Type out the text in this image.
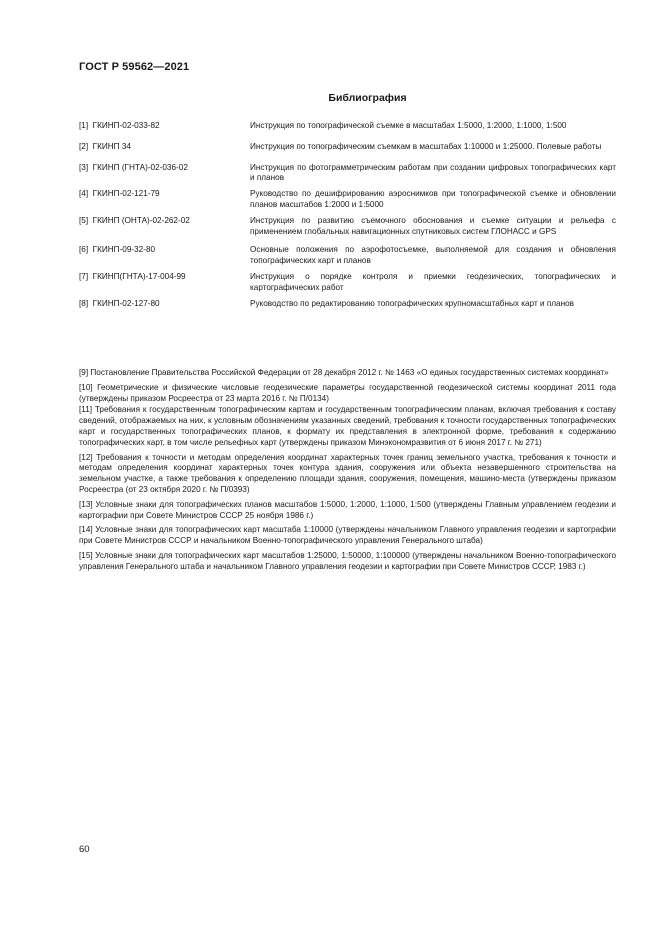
ГОСТ Р 59562—2021
Библиография
[1] ГКИНП-02-033-82	Инструкция по топографической съемке в масштабах 1:5000, 1:2000, 1:1000, 1:500
[2] ГКИНП 34	Инструкция по топографическим съемкам в масштабах 1:10000 и 1:25000. Полевые работы
[3] ГКИНП (ГНТА)-02-036-02	Инструкция по фотограмметрическим работам при создании цифровых топографических карт и планов
[4] ГКИНП-02-121-79	Руководство по дешифрированию аэроснимков при топографической съемке и обновлении планов масштабов 1:2000 и 1:5000
[5] ГКИНП (ОНТА)-02-262-02	Инструкция по развитию съемочного обоснования и съемке ситуации и рельефа с применением глобальных навигационных спутниковых систем ГЛОНАСС и GPS
[6] ГКИНП-09-32-80	Основные положения по аэрофотосъемке, выполняемой для создания и обновления топографических карт и планов
[7] ГКИНП(ГНТА)-17-004-99	Инструкция о порядке контроля и приемки геодезических, топографических и картографических работ
[8] ГКИНП-02-127-80	Руководство по редактированию топографических крупномасштабных карт и планов
[9] Постановление Правительства Российской Федерации от 28 декабря 2012 г. № 1463 «О единых государственных системах координат»
[10] Геометрические и физические числовые геодезические параметры государственной геодезической системы координат 2011 года (утверждены приказом Росреестра от 23 марта 2016 г. № П/0134)
[11] Требования к государственным топографическим картам и государственным топографическим планам, включая требования к составу сведений, отображаемых на них, к условным обозначениям указанных сведений, требования к точности государственных топографических карт и государственных топографических планов, к формату их представления в электронной форме, требования к содержанию топографических карт, в том числе рельефных карт (утверждены приказом Минэкономразвития от 6 июня 2017 г. № 271)
[12] Требования к точности и методам определения координат характерных точек границ земельного участка, требования к точности и методам определения координат характерных точек контура здания, сооружения или объекта незавершенного строительства на земельном участке, а также требования к определению площади здания, сооружения, помещения, машино-места (утверждены приказом Росреестра (от 23 октября 2020 г. № П/0393)
[13] Условные знаки для топографических планов масштабов 1:5000, 1:2000, 1:1000, 1:500 (утверждены Главным управлением геодезии и картографии при Совете Министров СССР 25 ноября 1986 г.)
[14] Условные знаки для топографических карт масштаба 1:10000 (утверждены начальником Главного управления геодезии и картографии при Совете Министров СССР и начальником Военно-топографического управления Генерального штаба)
[15] Условные знаки для топографических карт масштабов 1:25000, 1:50000, 1:100000 (утверждены начальником Военно-топографического управления Генерального штаба и начальником Главного управления геодезии и картографии при Совете Министров СССР, 1983 г.)
60
